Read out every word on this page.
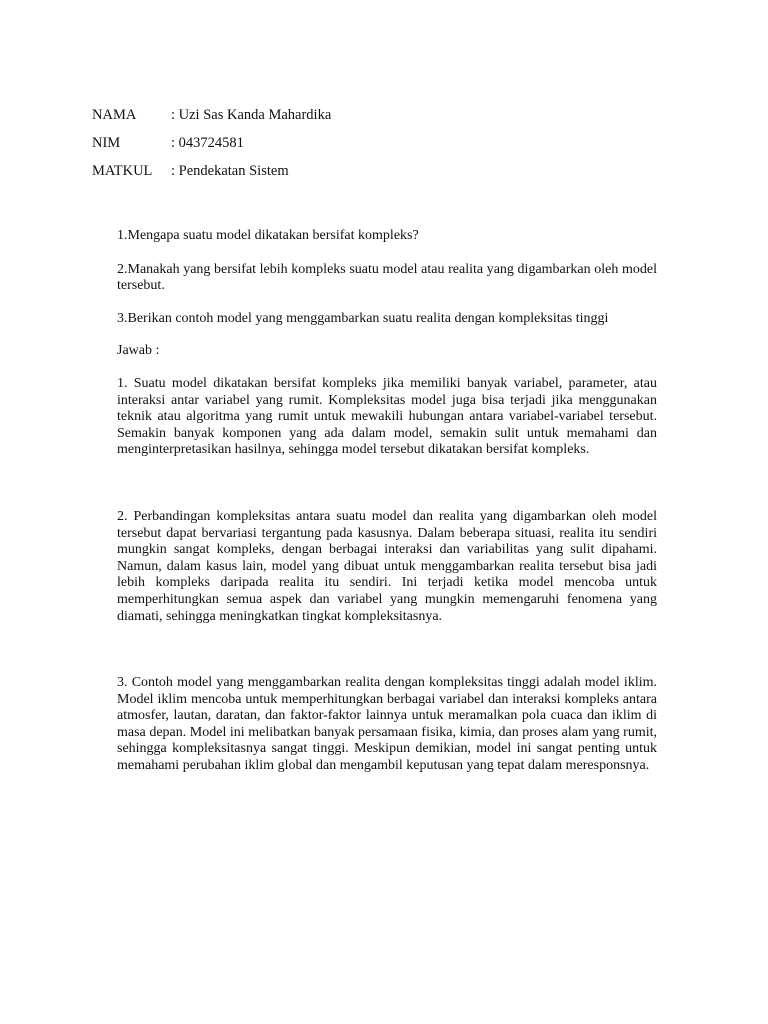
NAMA	: Uzi Sas Kanda Mahardika
NIM	: 043724581
MATKUL	: Pendekatan Sistem

1.Mengapa suatu model dikatakan bersifat kompleks?

2.Manakah yang bersifat lebih kompleks suatu model atau realita yang digambarkan oleh model tersebut.

3.Berikan contoh model yang menggambarkan suatu realita dengan kompleksitas tinggi

Jawab :

1. Suatu model dikatakan bersifat kompleks jika memiliki banyak variabel, parameter, atau interaksi antar variabel yang rumit. Kompleksitas model juga bisa terjadi jika menggunakan teknik atau algoritma yang rumit untuk mewakili hubungan antara variabel-variabel tersebut. Semakin banyak komponen yang ada dalam model, semakin sulit untuk memahami dan menginterpretasikan hasilnya, sehingga model tersebut dikatakan bersifat kompleks.

2. Perbandingan kompleksitas antara suatu model dan realita yang digambarkan oleh model tersebut dapat bervariasi tergantung pada kasusnya. Dalam beberapa situasi, realita itu sendiri mungkin sangat kompleks, dengan berbagai interaksi dan variabilitas yang sulit dipahami. Namun, dalam kasus lain, model yang dibuat untuk menggambarkan realita tersebut bisa jadi lebih kompleks daripada realita itu sendiri. Ini terjadi ketika model mencoba untuk memperhitungkan semua aspek dan variabel yang mungkin memengaruhi fenomena yang diamati, sehingga meningkatkan tingkat kompleksitasnya.

3. Contoh model yang menggambarkan realita dengan kompleksitas tinggi adalah model iklim. Model iklim mencoba untuk memperhitungkan berbagai variabel dan interaksi kompleks antara atmosfer, lautan, daratan, dan faktor-faktor lainnya untuk meramalkan pola cuaca dan iklim di masa depan. Model ini melibatkan banyak persamaan fisika, kimia, dan proses alam yang rumit, sehingga kompleksitasnya sangat tinggi. Meskipun demikian, model ini sangat penting untuk memahami perubahan iklim global dan mengambil keputusan yang tepat dalam meresponsnya.
